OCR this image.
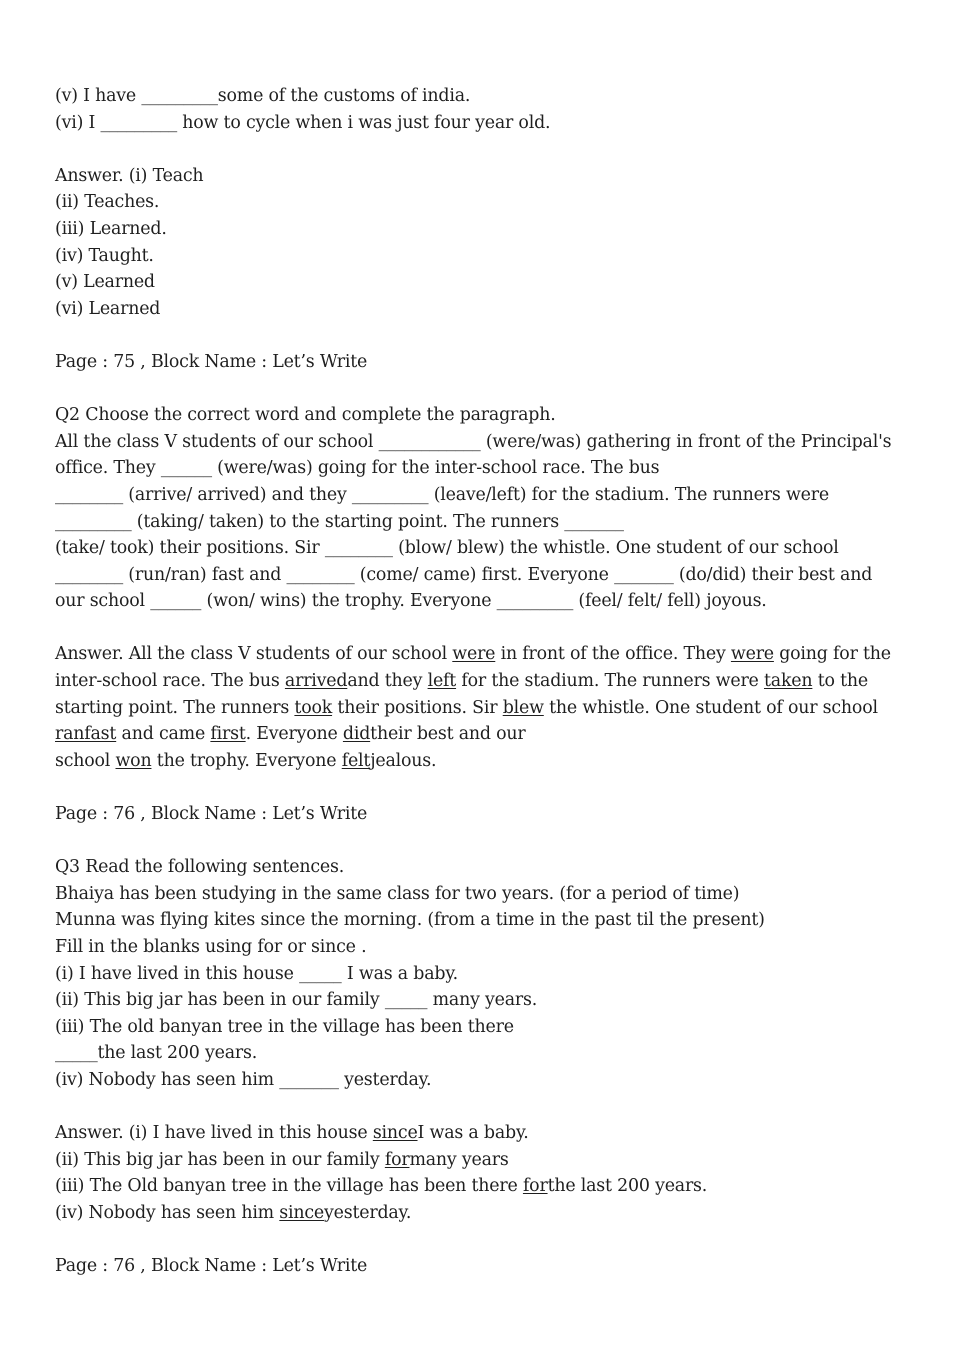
(v) I have _________some of the customs of india.
(vi) I _________ how to cycle when i was just four year old.
Answer. (i) Teach
(ii) Teaches.
(iii) Learned.
(iv) Taught.
(v) Learned
(vi) Learned
Page : 75 , Block Name : Let’s Write
Q2 Choose the correct word and complete the paragraph.
All the class V students of our school ____________ (were/was) gathering in front of the Principal's
office. They ______ (were/was) going for the inter-school race. The bus
________ (arrive/ arrived) and they _________ (leave/left) for the stadium. The runners were
_________ (taking/ taken) to the starting point. The runners _______
(take/ took) their positions. Sir ________ (blow/ blew) the whistle. One student of our school
________ (run/ran) fast and ________ (come/ came) first. Everyone _______ (do/did) their best and
our school ______ (won/ wins) the trophy. Everyone _________ (feel/ felt/ fell) joyous.
Answer. All the class V students of our school were in front of the office. They were going for the
inter-school race. The bus arrivedand they left for the stadium. The runners were taken to the
starting point. The runners took their positions. Sir blew the whistle. One student of our school
ranfast and came first. Everyone didtheir best and our
school won the trophy. Everyone feltjealous.
Page : 76 , Block Name : Let’s Write
Q3 Read the following sentences.
Bhaiya has been studying in the same class for two years. (for a period of time)
Munna was flying kites since the morning. (from a time in the past til the present)
Fill in the blanks using for or since .
(i) I have lived in this house _____ I was a baby.
(ii) This big jar has been in our family _____ many years.
(iii) The old banyan tree in the village has been there
_____the last 200 years.
(iv) Nobody has seen him _______ yesterday.
Answer. (i) I have lived in this house sinceI was a baby.
(ii) This big jar has been in our family formany years
(iii) The Old banyan tree in the village has been there forthe last 200 years.
(iv) Nobody has seen him sinceyesterday.
Page : 76 , Block Name : Let’s Write
